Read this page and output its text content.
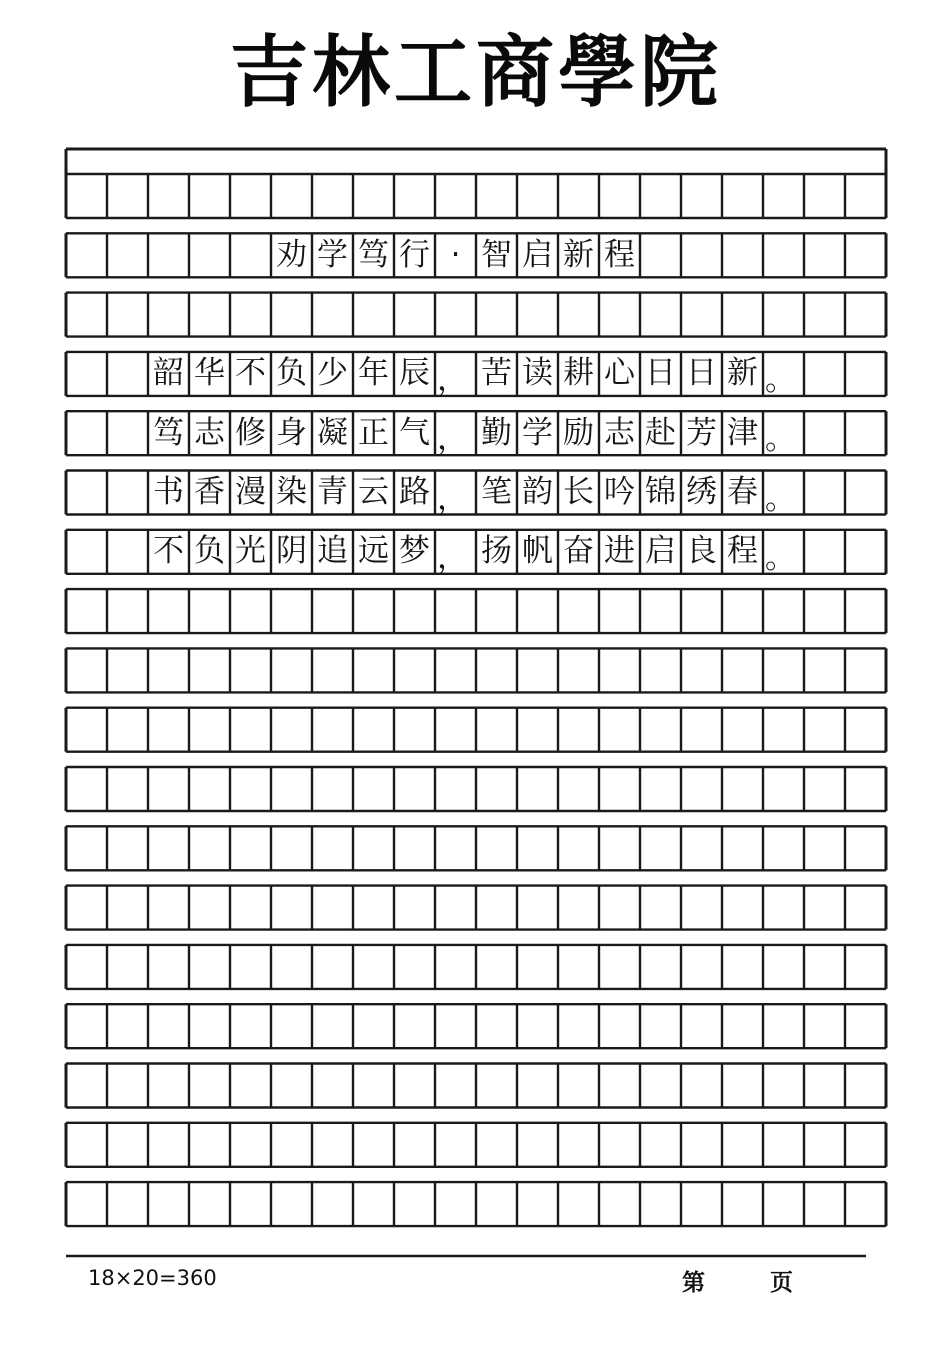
吉林工商學院
劝 学 笃 行 · 智 启 新 程
韶 华 不 负 少 年 辰 ， 苦 读 耕 心 日 日 新 。
笃 志 修 身 凝 正 气 ， 勤 学 励 志 赴 芳 津 。
书 香 漫 染 青 云 路 ， 笔 韵 长 吟 锦 绣 春 。
不 负 光 阴 追 远 梦 ， 扬 帆 奋 进 启 良 程 。
18×20=360	第	页
